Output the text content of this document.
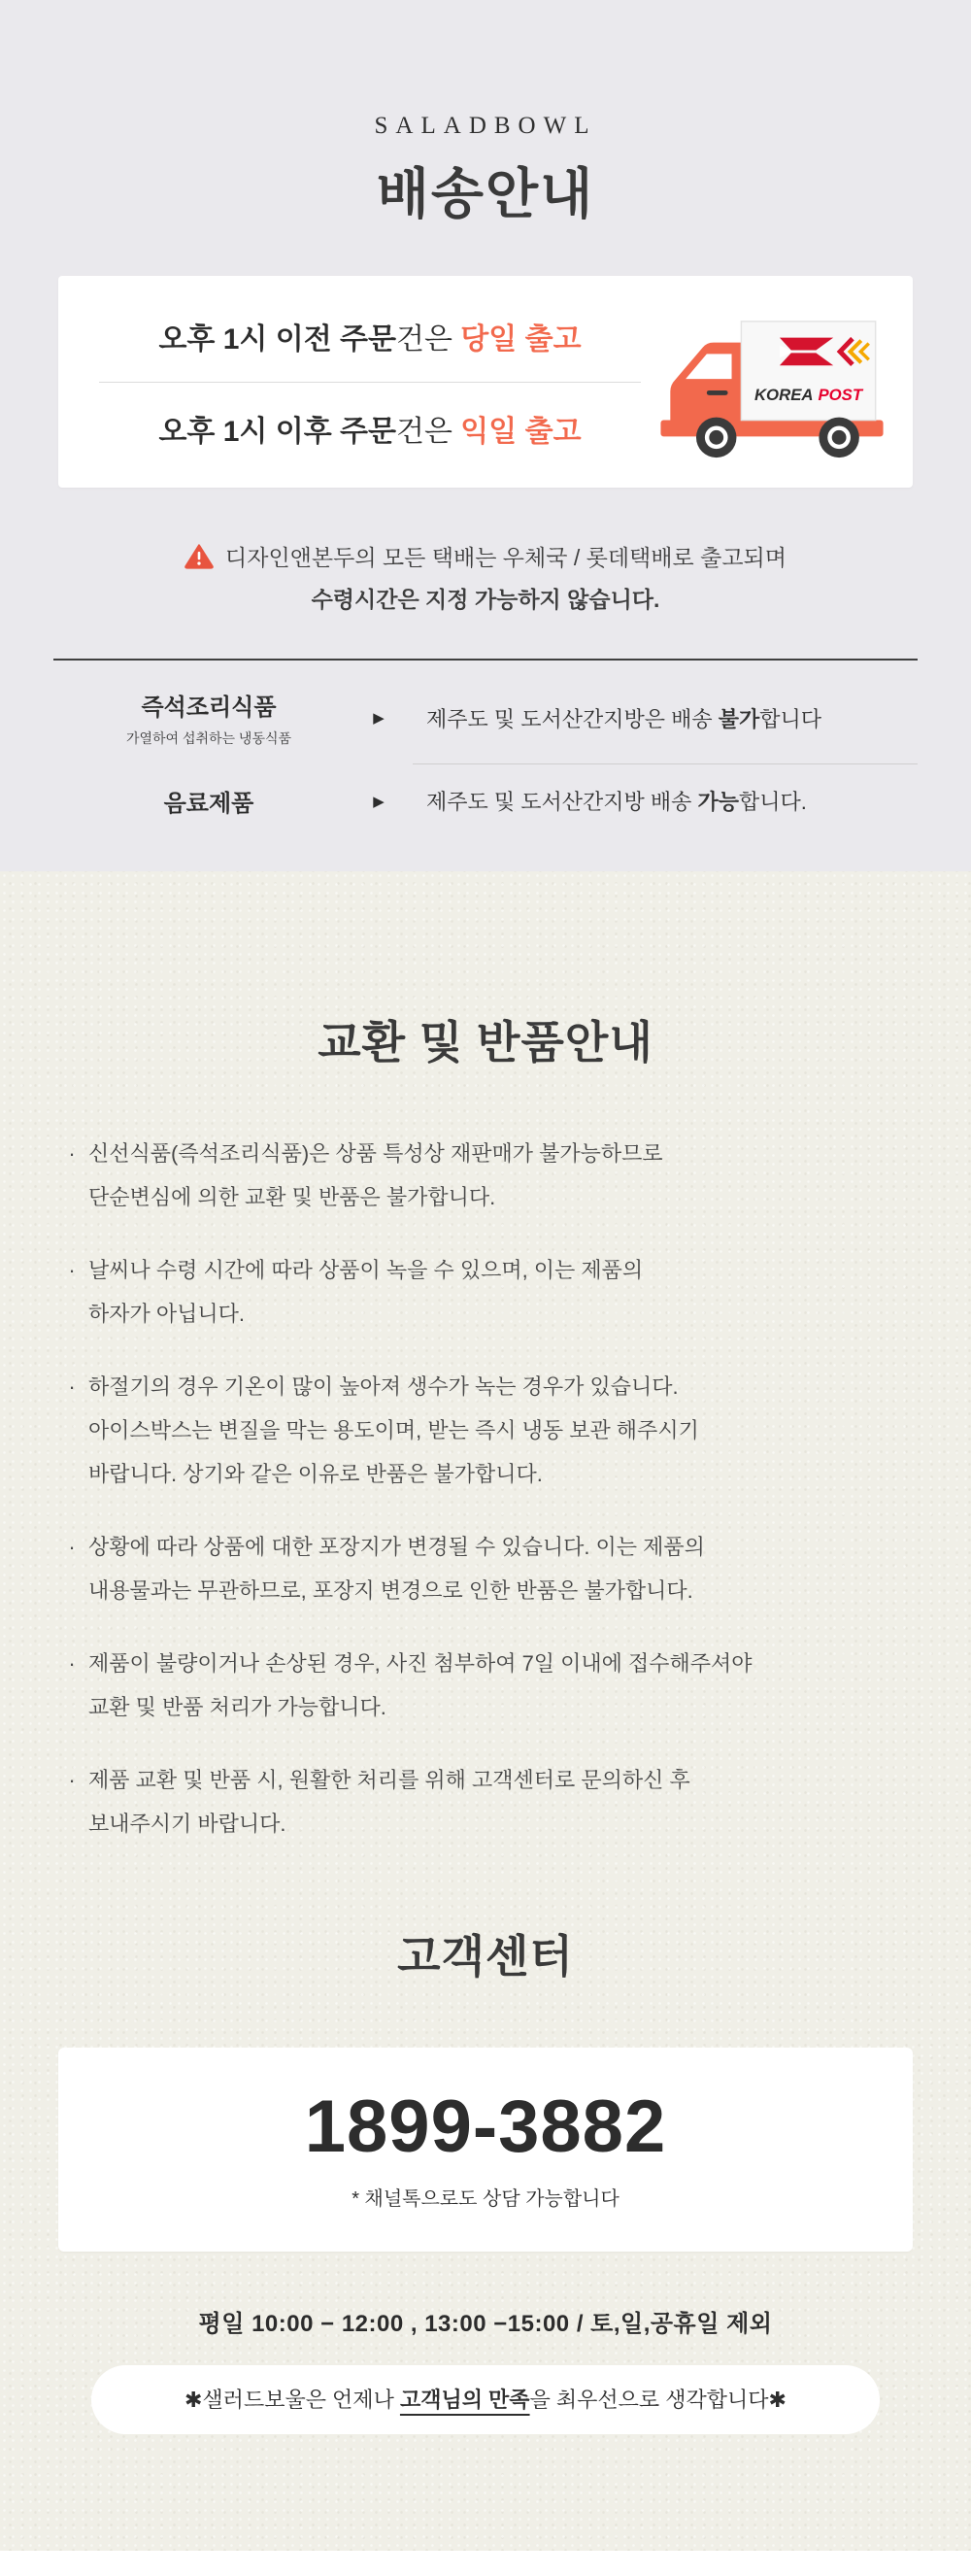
SALADBOWL
배송안내
오후 1시 이전 주문건은 당일 출고
오후 1시 이후 주문건은 익일 출고
KOREA POST
디자인앤본두의 모든 택배는 우체국 / 롯데택배로 출고되며
수령시간은 지정 가능하지 않습니다.
즉석조리식품
가열하여 섭취하는 냉동식품
▶	제주도 및 도서산간지방은 배송 불가합니다
음료제품	▶	제주도 및 도서산간지방 배송 가능합니다.
교환 및 반품안내
· 신선식품(즉석조리식품)은 상품 특성상 재판매가 불가능하므로
단순변심에 의한 교환 및 반품은 불가합니다.
· 날씨나 수령 시간에 따라 상품이 녹을 수 있으며, 이는 제품의
하자가 아닙니다.
· 하절기의 경우 기온이 많이 높아져 생수가 녹는 경우가 있습니다.
아이스박스는 변질을 막는 용도이며, 받는 즉시 냉동 보관 해주시기
바랍니다. 상기와 같은 이유로 반품은 불가합니다.
· 상황에 따라 상품에 대한 포장지가 변경될 수 있습니다. 이는 제품의
내용물과는 무관하므로, 포장지 변경으로 인한 반품은 불가합니다.
· 제품이 불량이거나 손상된 경우, 사진 첨부하여 7일 이내에 접수해주셔야
교환 및 반품 처리가 가능합니다.
· 제품 교환 및 반품 시, 원활한 처리를 위해 고객센터로 문의하신 후
보내주시기 바랍니다.
고객센터
1899-3882
* 채널톡으로도 상담 가능합니다
평일 10:00 − 12:00 , 13:00 −15:00 / 토,일,공휴일 제외
✱샐러드보울은 언제나 고객님의 만족을 최우선으로 생각합니다✱
